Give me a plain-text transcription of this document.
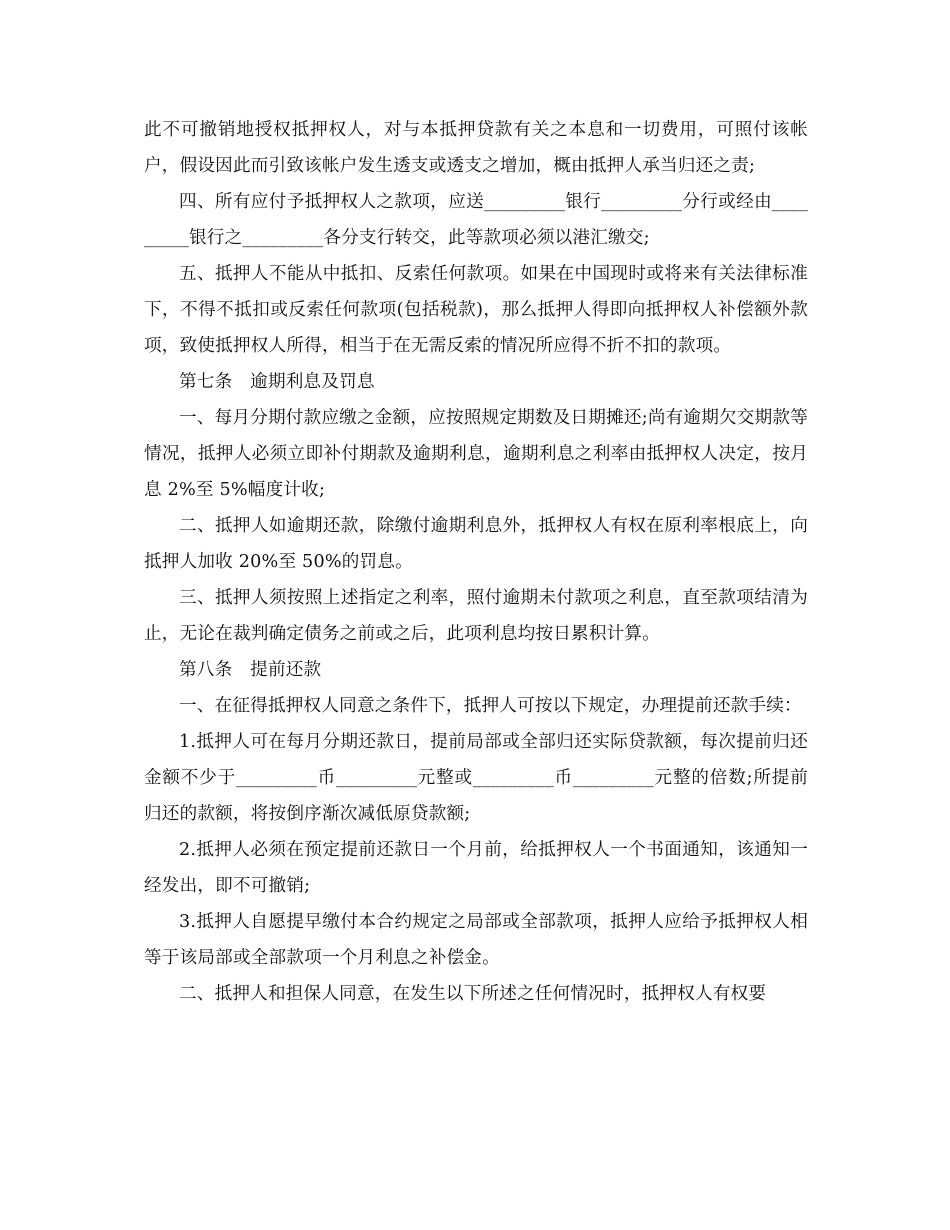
此不可撤销地授权抵押权人，对与本抵押贷款有关之本息和一切费用，可照付该帐户，假设因此而引致该帐户发生透支或透支之增加，概由抵押人承当归还之责;

四、所有应付予抵押权人之款项，应送_________银行_________分行或经由_________银行之_________各分支行转交，此等款项必须以港汇缴交;

五、抵押人不能从中抵扣、反索任何款项。如果在中国现时或将来有关法律标准下，不得不抵扣或反索任何款项(包括税款)，那么抵押人得即向抵押权人补偿额外款项，致使抵押权人所得，相当于在无需反索的情况所应得不折不扣的款项。

第七条　逾期利息及罚息

一、每月分期付款应缴之金额，应按照规定期数及日期摊还;尚有逾期欠交期款等情况，抵押人必须立即补付期款及逾期利息，逾期利息之利率由抵押权人决定，按月息 2%至 5%幅度计收;

二、抵押人如逾期还款，除缴付逾期利息外，抵押权人有权在原利率根底上，向抵押人加收 20%至 50%的罚息。

三、抵押人须按照上述指定之利率，照付逾期未付款项之利息，直至款项结清为止，无论在裁判确定债务之前或之后，此项利息均按日累积计算。

第八条　提前还款

一、在征得抵押权人同意之条件下，抵押人可按以下规定，办理提前还款手续：

1.抵押人可在每月分期还款日，提前局部或全部归还实际贷款额，每次提前归还金额不少于_________币_________元整或_________币_________元整的倍数;所提前归还的款额，将按倒序渐次减低原贷款额;

2.抵押人必须在预定提前还款日一个月前，给抵押权人一个书面通知，该通知一经发出，即不可撤销;

3.抵押人自愿提早缴付本合约规定之局部或全部款项，抵押人应给予抵押权人相等于该局部或全部款项一个月利息之补偿金。

二、抵押人和担保人同意，在发生以下所述之任何情况时，抵押权人有权要
